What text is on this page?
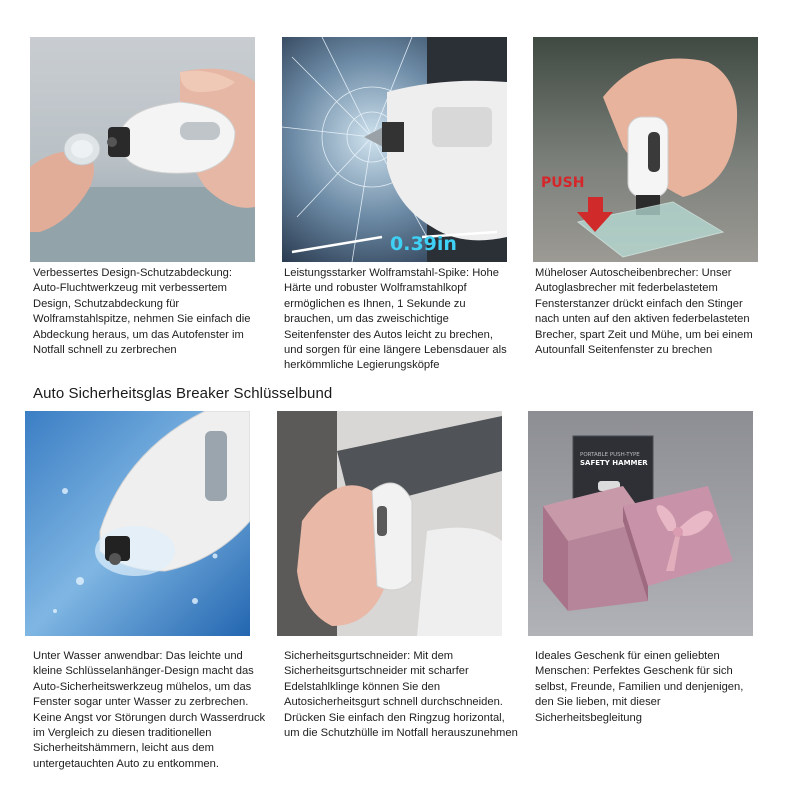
0.39in
PUSH

Verbessertes Design-Schutzabdeckung: Auto-Fluchtwerkzeug mit verbessertem Design, Schutzabdeckung für Wolframstahlspitze, nehmen Sie einfach die Abdeckung heraus, um das Autofenster im Notfall schnell zu zerbrechen

Leistungsstarker Wolframstahl-Spike: Hohe Härte und robuster Wolframstahlkopf ermöglichen es Ihnen, 1 Sekunde zu brauchen, um das zweischichtige Seitenfenster des Autos leicht zu brechen, und sorgen für eine längere Lebensdauer als herkömmliche Legierungsköpfe

Müheloser Autoscheibenbrecher: Unser Autoglasbrecher mit federbelastetem Fensterstanzer drückt einfach den Stinger nach unten auf den aktiven federbelasteten Brecher, spart Zeit und Mühe, um bei einem Autounfall Seitenfenster zu brechen

Auto Sicherheitsglas Breaker Schlüsselbund
PORTABLE PUSH-TYPE
SAFETY HAMMER

Unter Wasser anwendbar: Das leichte und kleine Schlüsselanhänger-Design macht das Auto-Sicherheitswerkzeug mühelos, um das Fenster sogar unter Wasser zu zerbrechen. Keine Angst vor Störungen durch Wasserdruck im Vergleich zu diesen traditionellen Sicherheitshämmern, leicht aus dem untergetauchten Auto zu entkommen.

Sicherheitsgurtschneider: Mit dem Sicherheitsgurtschneider mit scharfer Edelstahlklinge können Sie den Autosicherheitsgurt schnell durchschneiden. Drücken Sie einfach den Ringzug horizontal, um die Schutzhülle im Notfall herauszunehmen

Ideales Geschenk für einen geliebten Menschen: Perfektes Geschenk für sich selbst, Freunde, Familien und denjenigen, den Sie lieben, mit dieser Sicherheitsbegleitung
